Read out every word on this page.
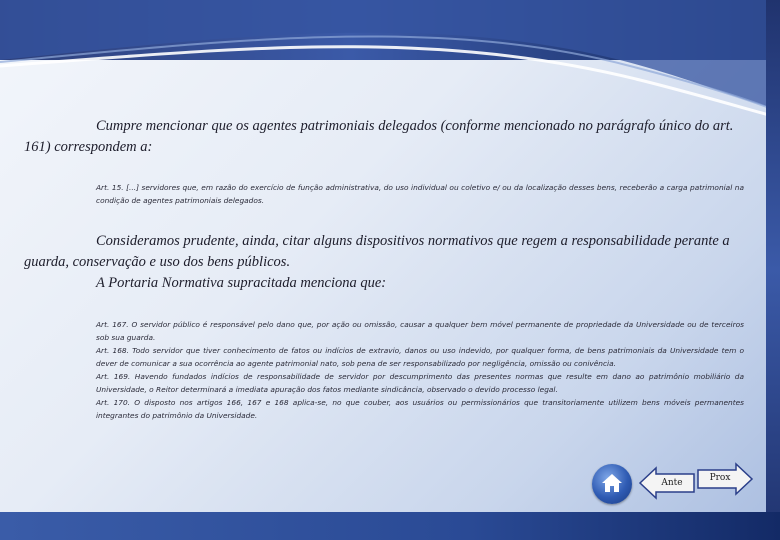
Cumpre mencionar que os agentes patrimoniais delegados (conforme mencionado no parágrafo único do art. 161) correspondem a:

Art. 15. [...] servidores que, em razão do exercício de função administrativa, do uso individual ou coletivo e/ ou da localização desses bens, receberão a carga patrimonial na condição de agentes patrimoniais delegados.

Consideramos prudente, ainda, citar alguns dispositivos normativos que regem a responsabilidade perante a guarda, conservação e uso dos bens públicos.

A Portaria Normativa supracitada menciona que:

Art. 167. O servidor público é responsável pelo dano que, por ação ou omissão, causar a qualquer bem móvel permanente de propriedade da Universidade ou de terceiros sob sua guarda.

Art. 168. Todo servidor que tiver conhecimento de fatos ou indícios de extravio, danos ou uso indevido, por qualquer forma, de bens patrimoniais da Universidade tem o dever de comunicar a sua ocorrência ao agente patrimonial nato, sob pena de ser responsabilizado por negligência, omissão ou conivência.

Art. 169. Havendo fundados indícios de responsabilidade de servidor por descumprimento das presentes normas que resulte em dano ao patrimônio mobiliário da Universidade, o Reitor determinará a imediata apuração dos fatos mediante sindicância, observado o devido processo legal.

Art. 170. O disposto nos artigos 166, 167 e 168 aplica-se, no que couber, aos usuários ou permissionários que transitoriamente utilizem bens móveis permanentes integrantes do patrimônio da Universidade.

Ante	Prox
